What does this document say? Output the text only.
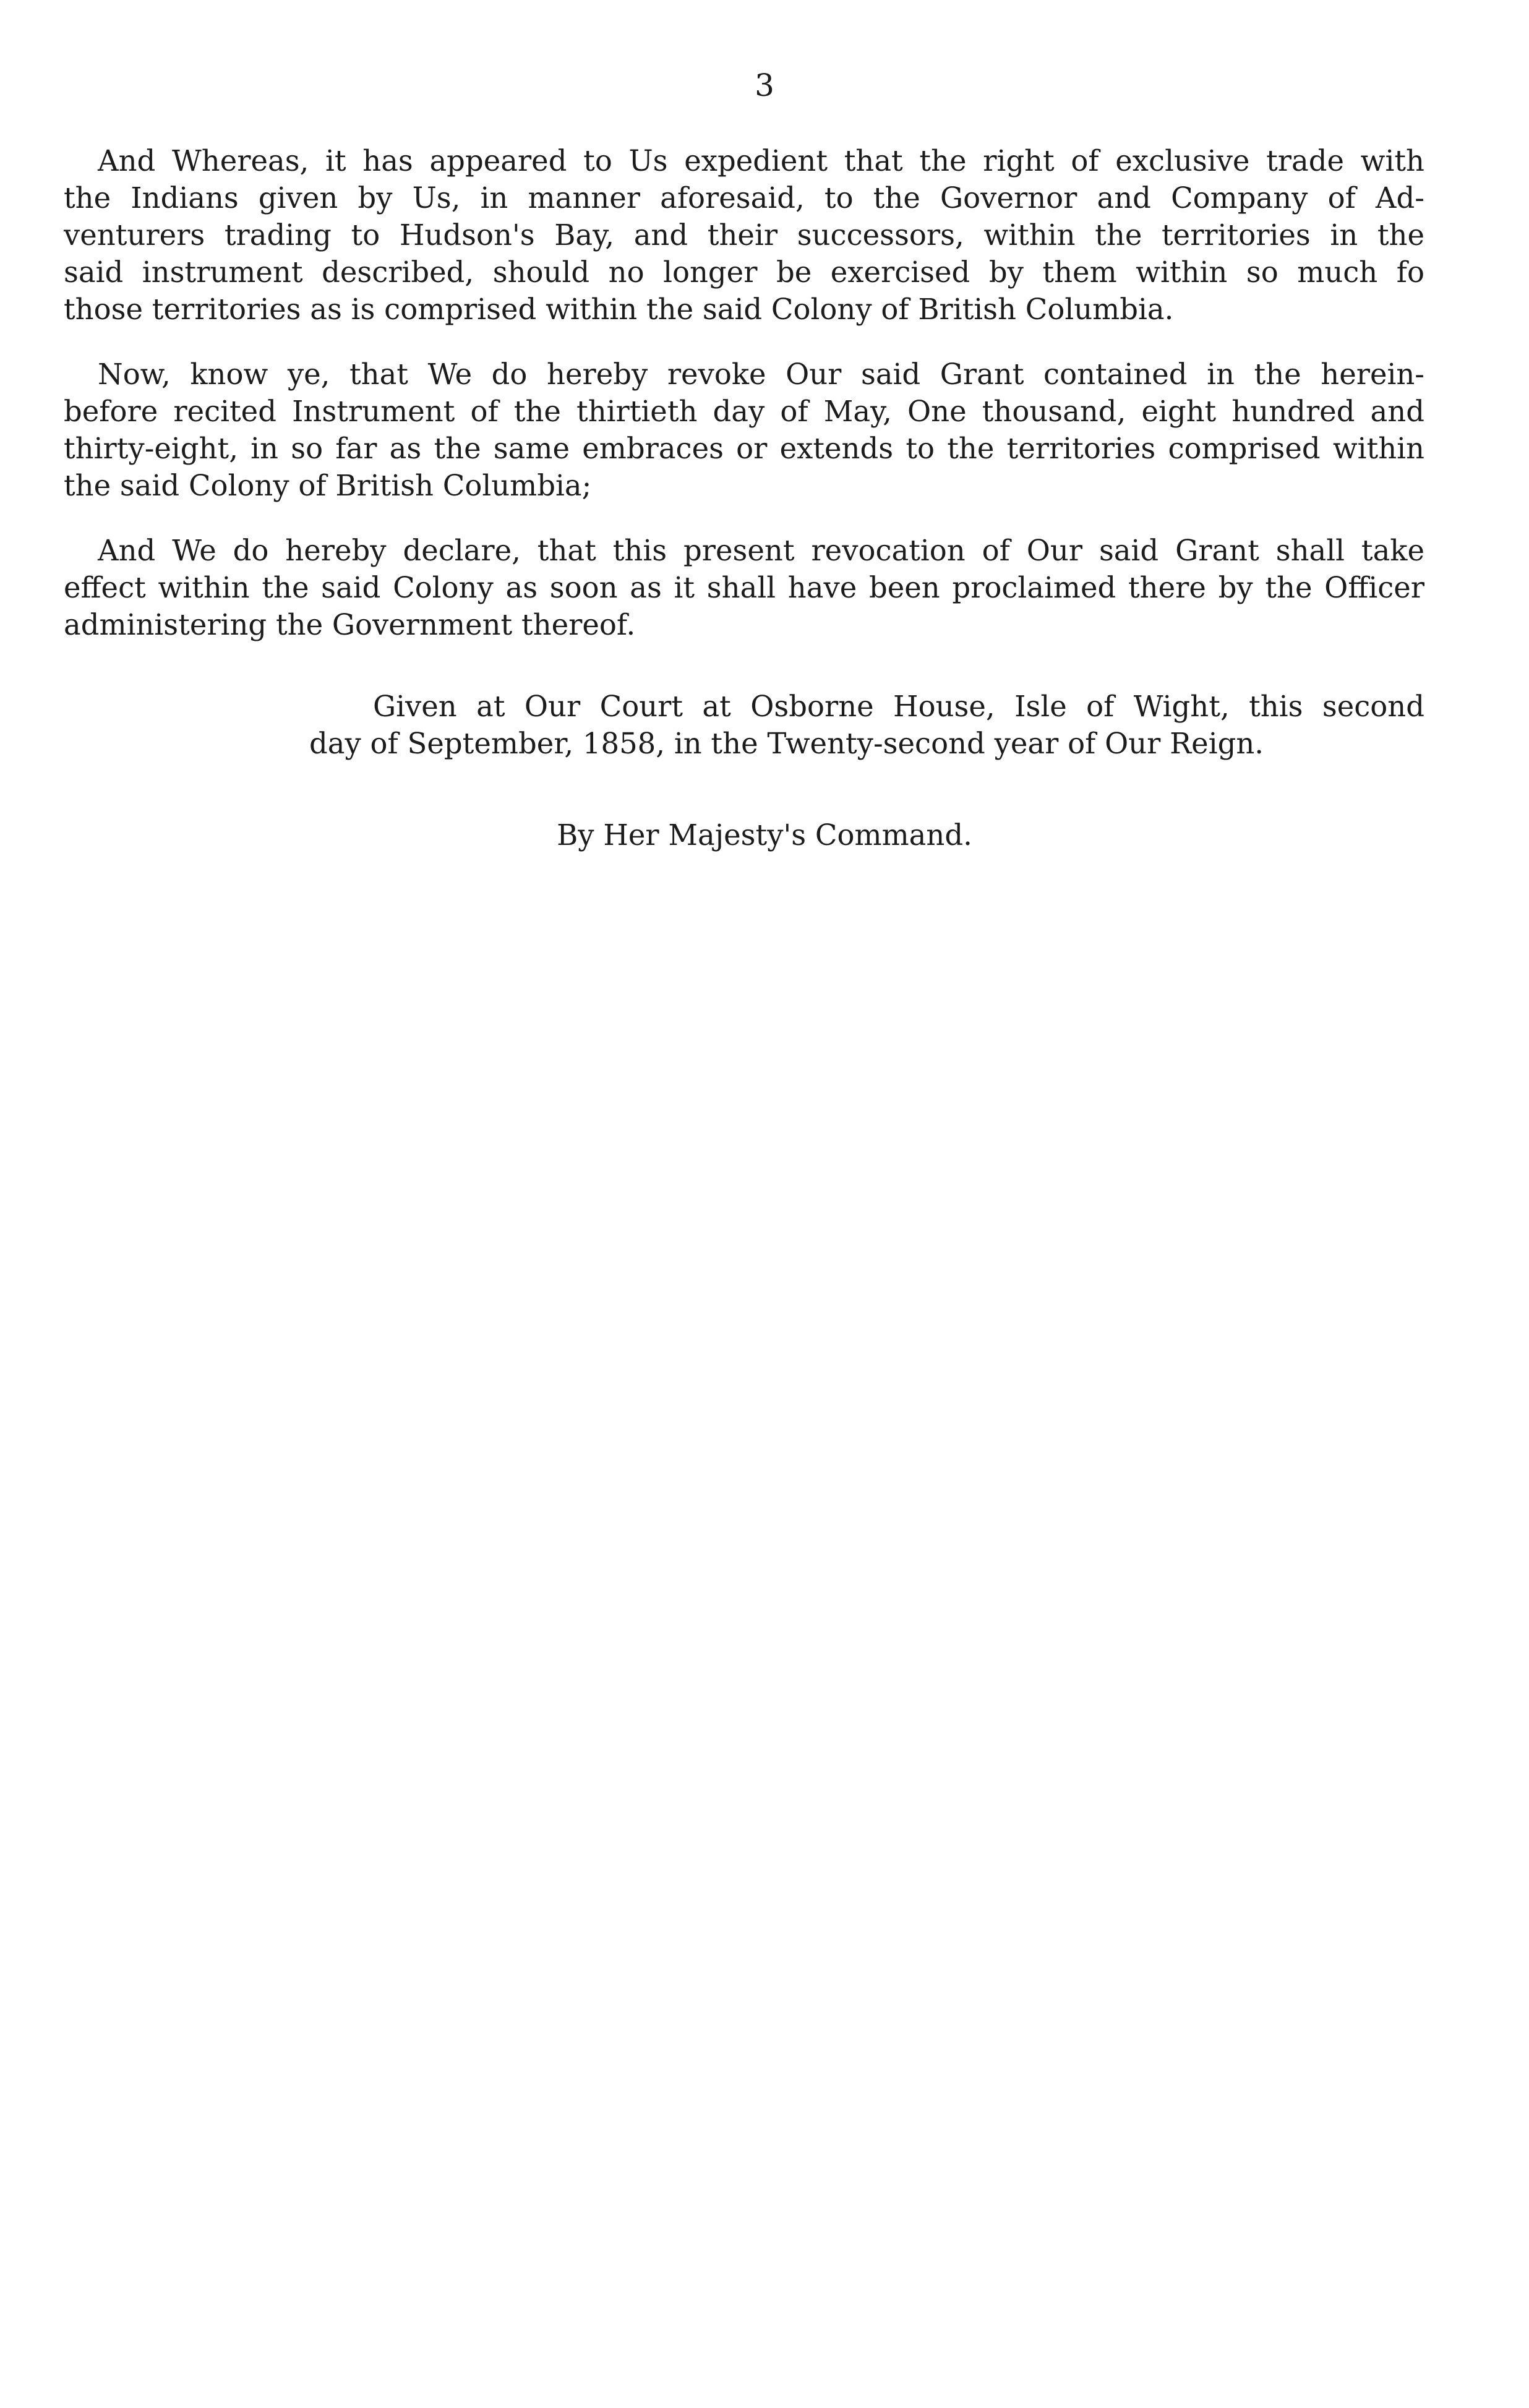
3
And Whereas, it has appeared to Us expedient that the right of exclusive trade with
the Indians given by Us, in manner aforesaid, to the Governor and Company of Ad-
venturers trading to Hudson's Bay, and their successors, within the territories in the
said instrument described, should no longer be exercised by them within so much fo
those territories as is comprised within the said Colony of British Columbia.
Now, know ye, that We do hereby revoke Our said Grant contained in the herein-
before recited Instrument of the thirtieth day of May, One thousand, eight hundred and
thirty-eight, in so far as the same embraces or extends to the territories comprised within
the said Colony of British Columbia;
And We do hereby declare, that this present revocation of Our said Grant shall take
effect within the said Colony as soon as it shall have been proclaimed there by the Officer
administering the Government thereof.
Given at Our Court at Osborne House, Isle of Wight, this second
day of September, 1858, in the Twenty-second year of Our Reign.
By Her Majesty's Command.
